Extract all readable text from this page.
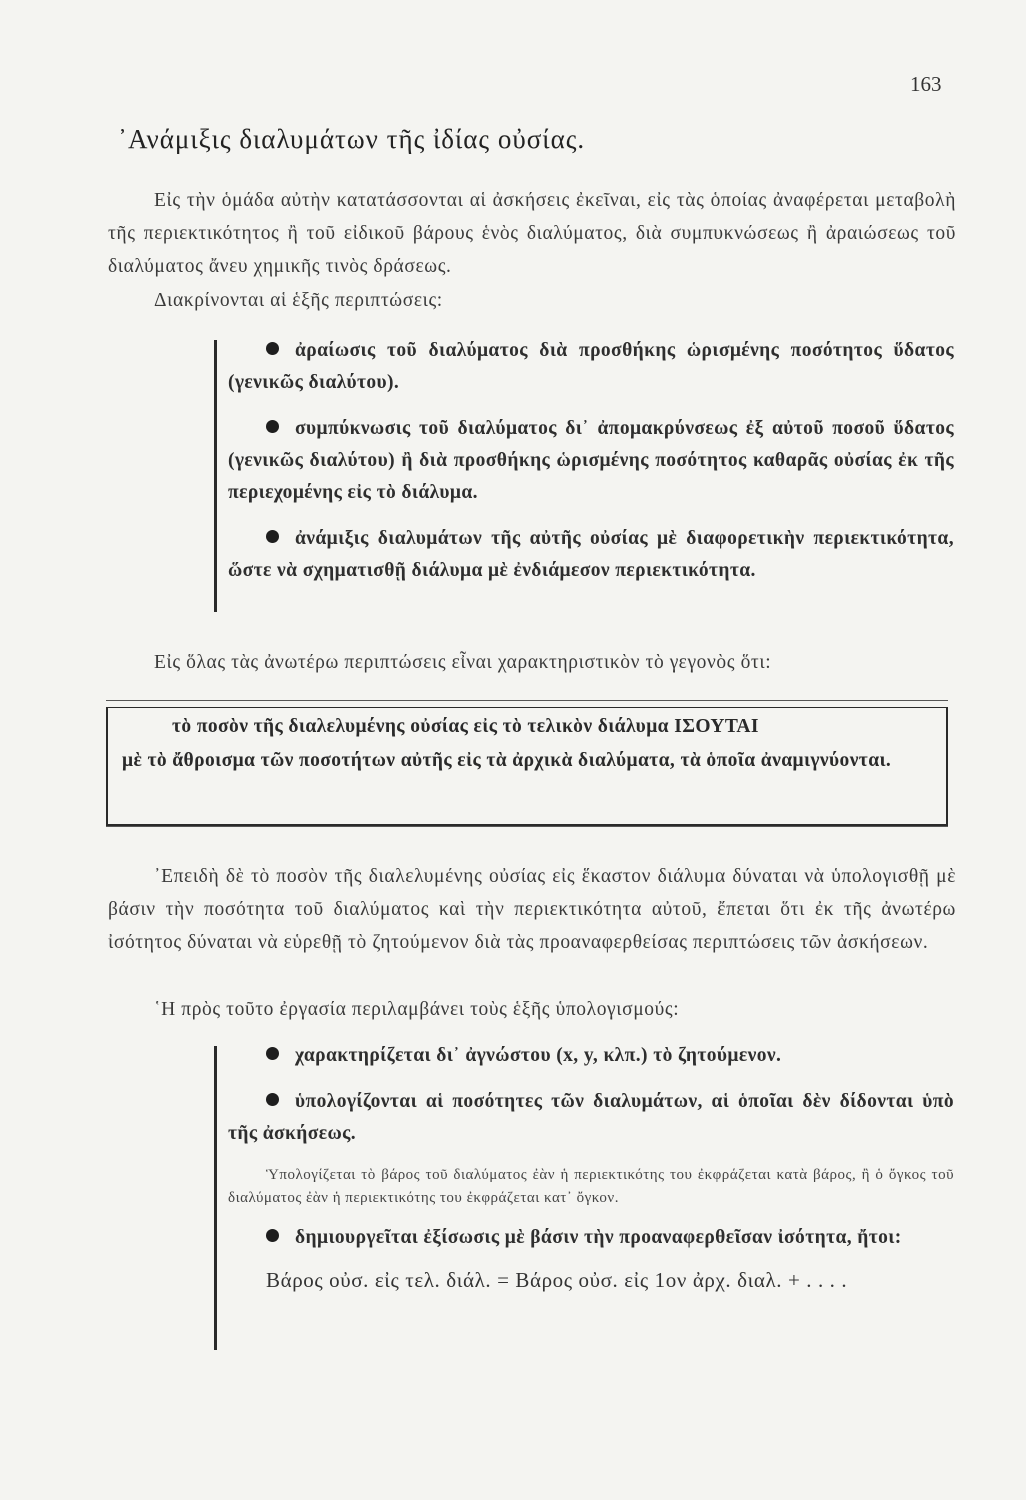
163
᾿Ανάμιξις διαλυμάτων τῆς ἰδίας οὐσίας.
Εἰς τὴν ὁμάδα αὐτὴν κατατάσσονται αἱ ἀσκήσεις ἐκεῖναι, εἰς τὰς ὁποίας ἀναφέρεται μεταβολὴ τῆς περιεκτικότητος ἢ τοῦ εἰδικοῦ βάρους ἑνὸς διαλύματος, διὰ συμπυκνώσεως ἢ ἀραιώσεως τοῦ διαλύματος ἄνευ χημικῆς τινὸς δράσεως.
Διακρίνονται αἱ ἑξῆς περιπτώσεις:
ἀραίωσις τοῦ διαλύματος διὰ προσθήκης ὡρισμένης ποσότητος ὕδατος (γενικῶς διαλύτου).
συμπύκνωσις τοῦ διαλύματος δι᾿ ἀπομακρύνσεως ἐξ αὐτοῦ ποσοῦ ὕδατος (γενικῶς διαλύτου) ἢ διὰ προσθήκης ὡρισμένης ποσότητος καθαρᾶς οὐσίας ἐκ τῆς περιεχομένης εἰς τὸ διάλυμα.
ἀνάμιξις διαλυμάτων τῆς αὐτῆς οὐσίας μὲ διαφορετικὴν περιεκτικότητα, ὥστε νὰ σχηματισθῇ διάλυμα μὲ ἐνδιάμεσον περιεκτικότητα.
Εἰς ὅλας τὰς ἀνωτέρω περιπτώσεις εἶναι χαρακτηριστικὸν τὸ γεγονὸς ὅτι:
τὸ ποσὸν τῆς διαλελυμένης οὐσίας εἰς τὸ τελικὸν διάλυμα ΙΣΟΥΤΑΙ
μὲ τὸ ἄθροισμα τῶν ποσοτήτων αὐτῆς εἰς τὰ ἀρχικὰ διαλύματα, τὰ ὁποῖα ἀναμιγνύονται.
᾿Επειδὴ δὲ τὸ ποσὸν τῆς διαλελυμένης οὐσίας εἰς ἕκαστον διάλυμα δύναται νὰ ὑπολογισθῇ μὲ βάσιν τὴν ποσότητα τοῦ διαλύματος καὶ τὴν περιεκτικότητα αὐτοῦ, ἔπεται ὅτι ἐκ τῆς ἀνωτέρω ἰσότητος δύναται νὰ εὑρεθῇ τὸ ζητούμενον διὰ τὰς προαναφερθείσας περιπτώσεις τῶν ἀσκήσεων.
῾Η πρὸς τοῦτο ἐργασία περιλαμβάνει τοὺς ἑξῆς ὑπολογισμούς:
χαρακτηρίζεται δι᾿ ἀγνώστου (x, y, κλπ.) τὸ ζητούμενον.
ὑπολογίζονται αἱ ποσότητες τῶν διαλυμάτων, αἱ ὁποῖαι δὲν δίδονται ὑπὸ τῆς ἀσκήσεως.
Ὑπολογίζεται τὸ βάρος τοῦ διαλύματος ἐὰν ἡ περιεκτικότης του ἐκφράζεται κατὰ βάρος, ἢ ὁ ὄγκος τοῦ διαλύματος ἐὰν ἡ περιεκτικότης του ἐκφράζεται κατ᾿ ὄγκον.
δημιουργεῖται ἐξίσωσις μὲ βάσιν τὴν προαναφερθεῖσαν ἰσότητα, ἤτοι:
Βάρος οὐσ. εἰς τελ. διάλ. = Βάρος οὐσ. εἰς 1ον ἀρχ. διαλ. + . . . .
